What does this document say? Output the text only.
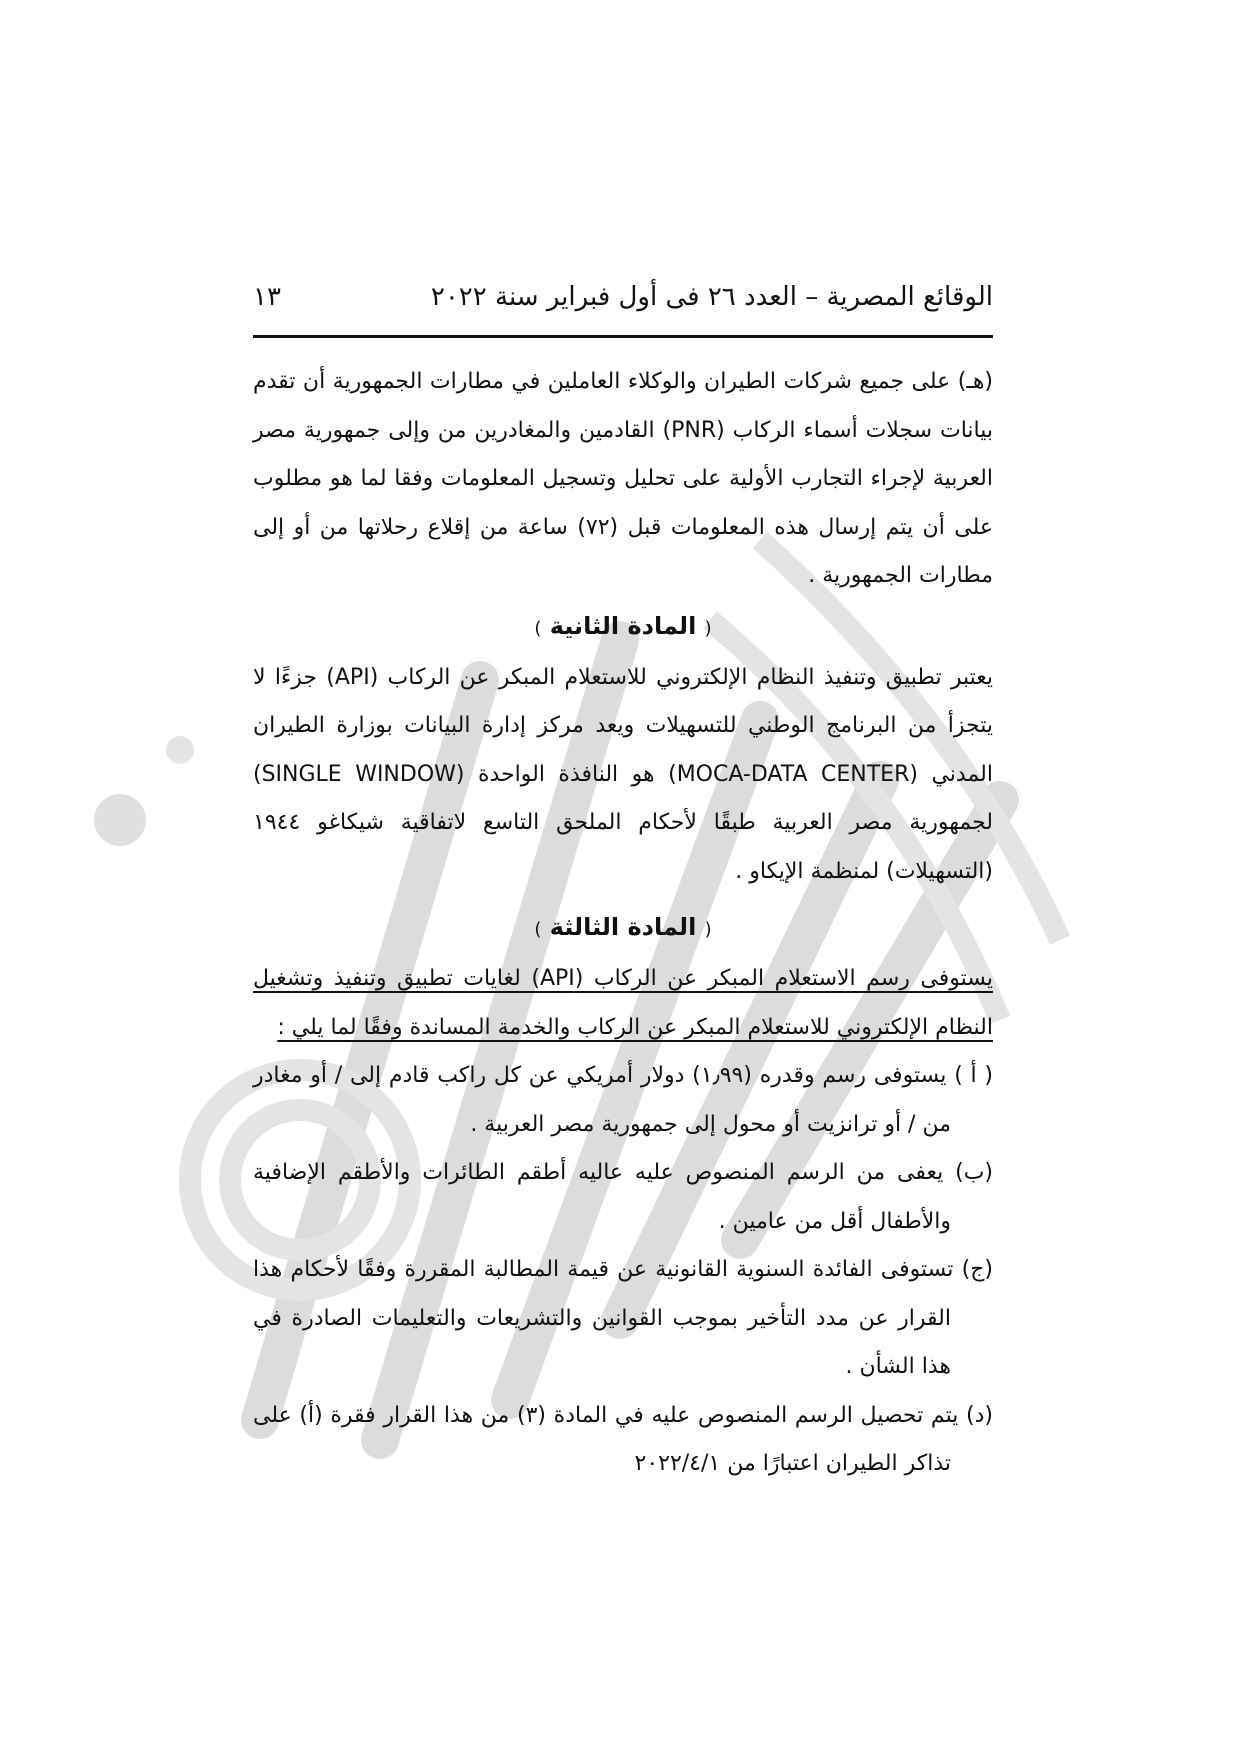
الوقائع المصرية – العدد ٢٦ فى أول فبراير سنة ٢٠٢٢
١٣

(هـ) على جميع شركات الطيران والوكلاء العاملين في مطارات الجمهورية أن تقدم بيانات سجلات أسماء الركاب (PNR) القادمين والمغادرين من وإلى جمهورية مصر العربية لإجراء التجارب الأولية على تحليل وتسجيل المعلومات وفقا لما هو مطلوب على أن يتم إرسال هذه المعلومات قبل (٧٢) ساعة من إقلاع رحلاتها من أو إلى مطارات الجمهورية .

( المادة الثانية )

يعتبر تطبيق وتنفيذ النظام الإلكتروني للاستعلام المبكر عن الركاب (API) جزءًا لا يتجزأ من البرنامج الوطني للتسهيلات ويعد مركز إدارة البيانات بوزارة الطيران المدني (MOCA-DATA CENTER) هو النافذة الواحدة (SINGLE WINDOW) لجمهورية مصر العربية طبقًا لأحكام الملحق التاسع لاتفاقية شيكاغو ١٩٤٤ (التسهيلات) لمنظمة الإيكاو .

( المادة الثالثة )

يستوفى رسم الاستعلام المبكر عن الركاب (API) لغايات تطبيق وتنفيذ وتشغيل النظام الإلكتروني للاستعلام المبكر عن الركاب والخدمة المساندة وفقًا لما يلي :

( أ ) يستوفى رسم وقدره (١٫٩٩) دولار أمريكي عن كل راكب قادم إلى / أو مغادر من / أو ترانزيت أو محول إلى جمهورية مصر العربية .

(ب) يعفى من الرسم المنصوص عليه عاليه أطقم الطائرات والأطقم الإضافية والأطفال أقل من عامين .

(ج) تستوفى الفائدة السنوية القانونية عن قيمة المطالبة المقررة وفقًا لأحكام هذا القرار عن مدد التأخير بموجب القوانين والتشريعات والتعليمات الصادرة في هذا الشأن .

(د) يتم تحصيل الرسم المنصوص عليه في المادة (٣) من هذا القرار فقرة (أ) على تذاكر الطيران اعتبارًا من ٢٠٢٢/٤/١
